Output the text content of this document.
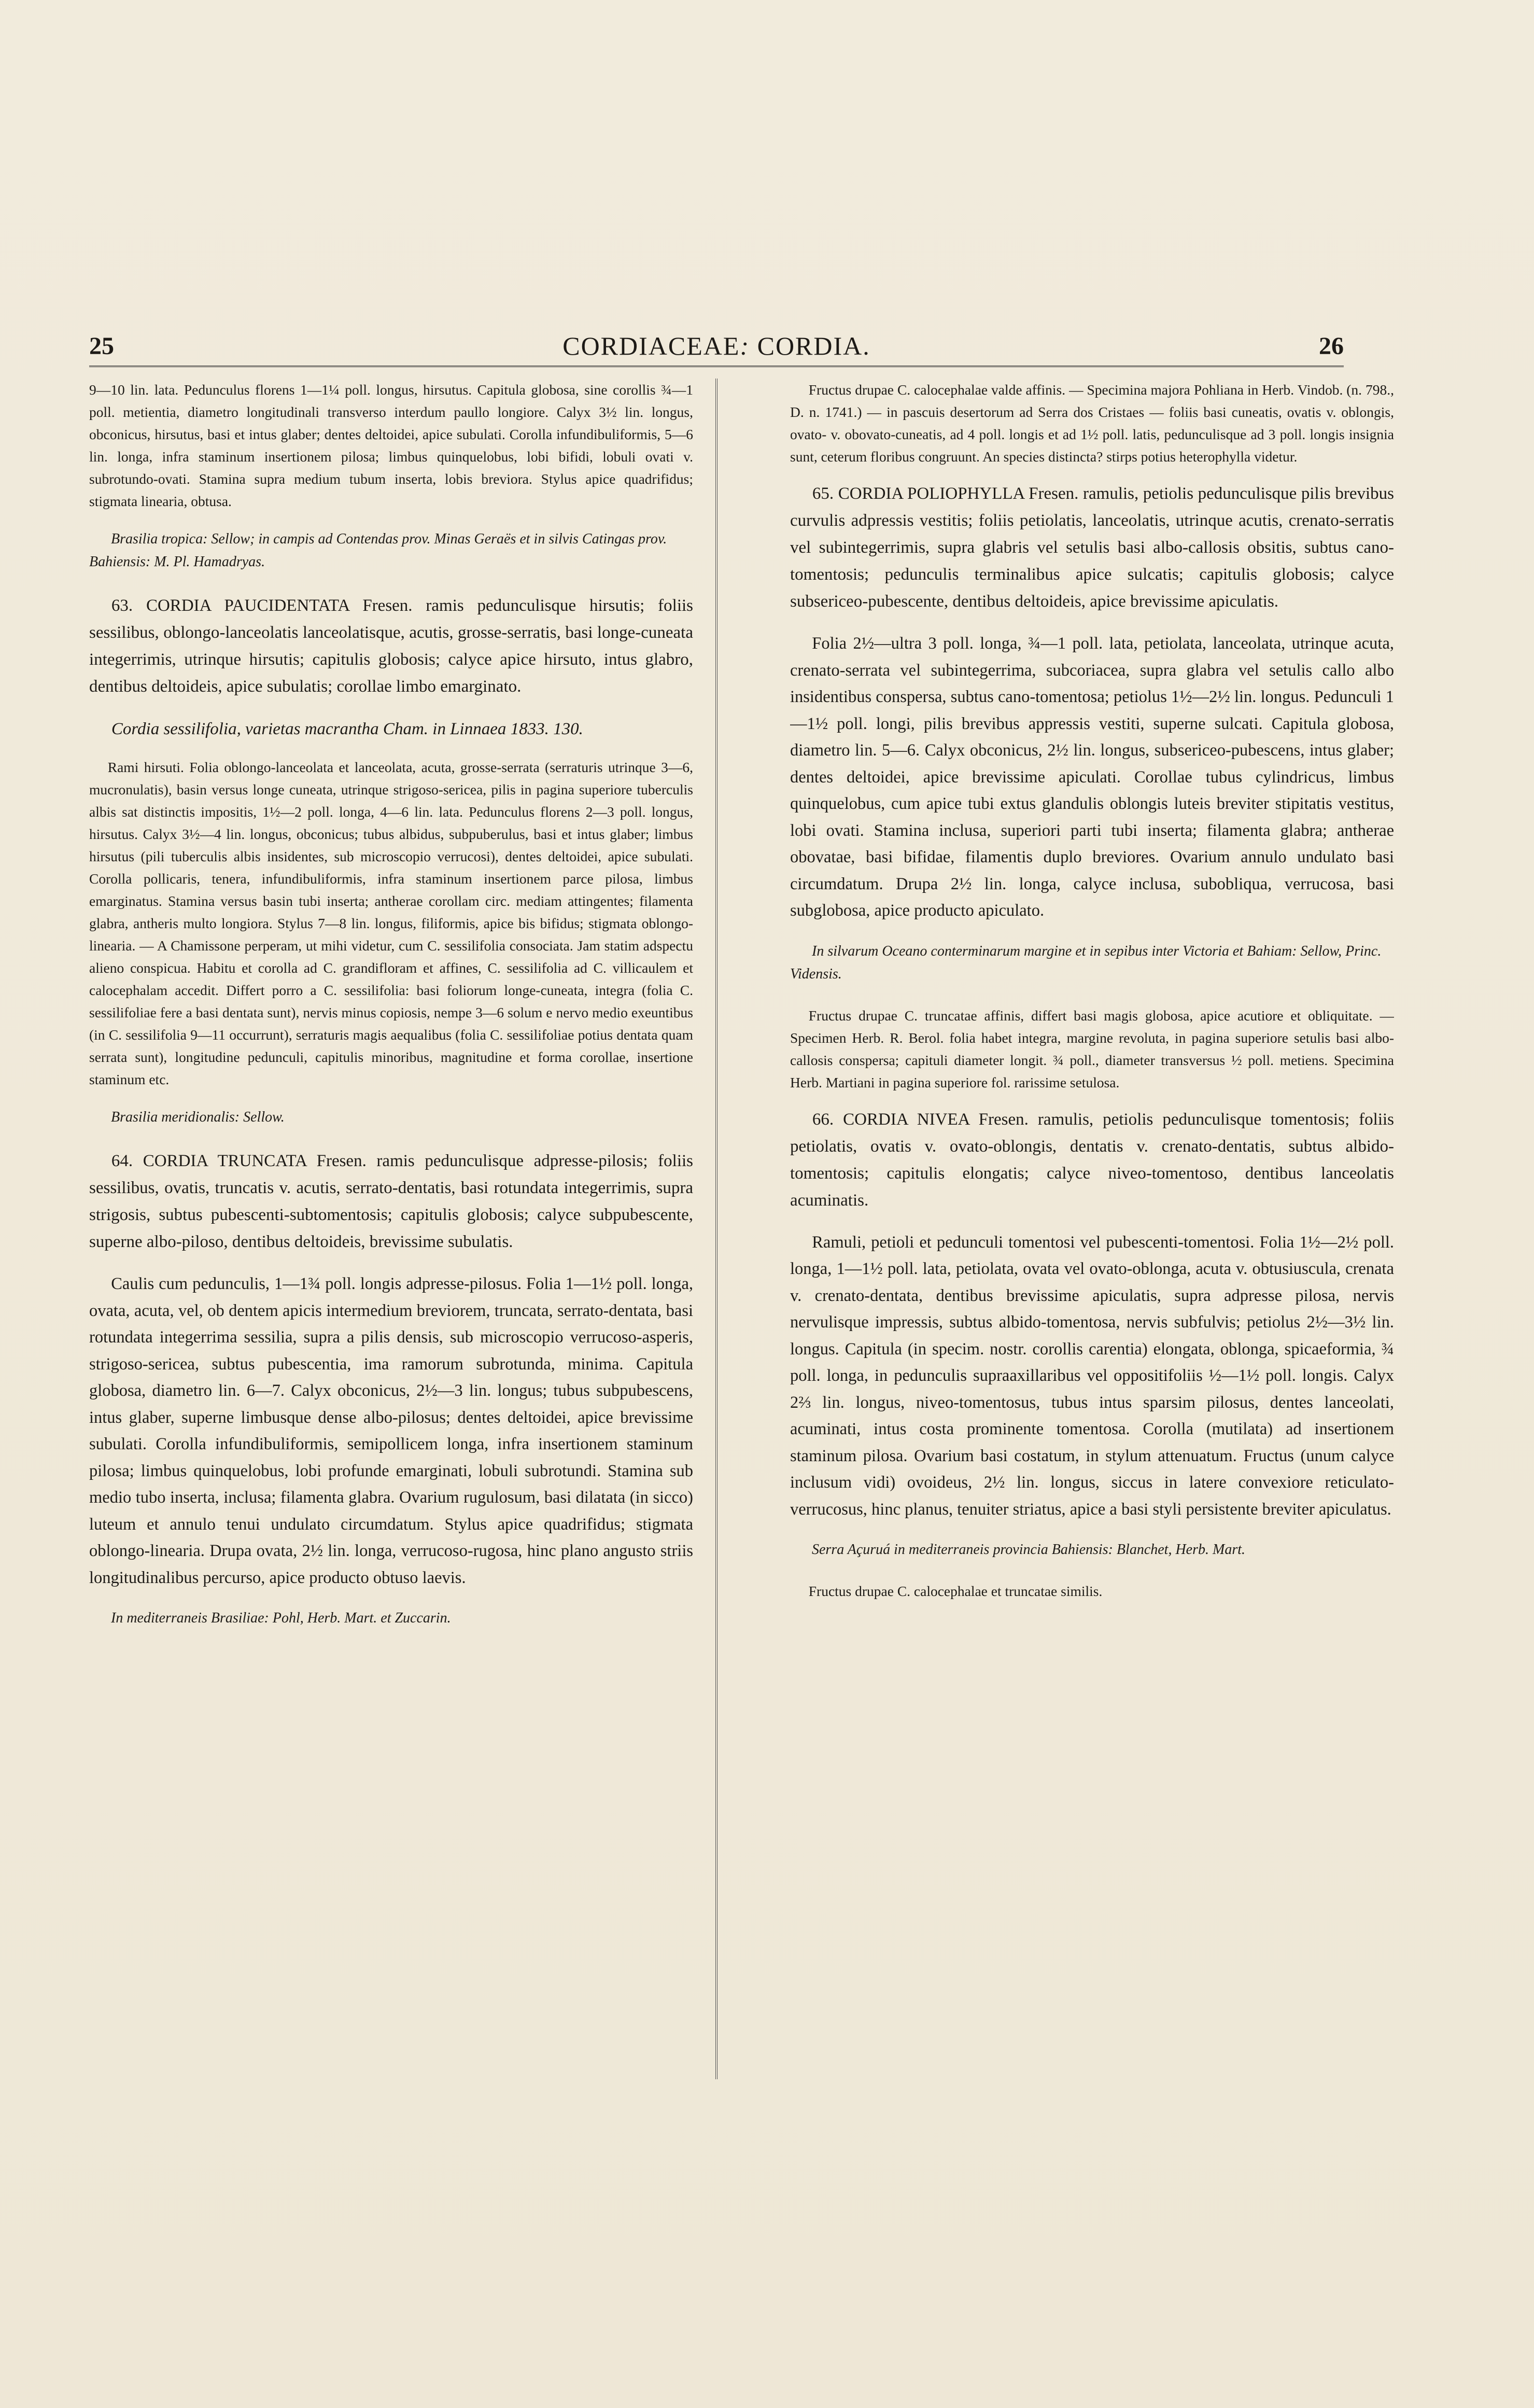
25	CORDIACEAE: CORDIA.	26

9—10 lin. lata. Pedunculus florens 1—1¼ poll. longus, hirsutus. Capitula globosa, sine corollis ¾—1 poll. metientia, diametro longitudinali transverso interdum paullo longiore. Calyx 3½ lin. longus, obconicus, hirsutus, basi et intus glaber; dentes deltoidei, apice subulati. Corolla infundibuliformis, 5—6 lin. longa, infra staminum insertionem pilosa; limbus quinquelobus, lobi bifidi, lobuli ovati v. subrotundo-ovati. Stamina supra medium tubum inserta, lobis breviora. Stylus apice quadrifidus; stigmata linearia, obtusa.

Brasilia tropica: Sellow; in campis ad Contendas prov. Minas Geraës et in silvis Catingas prov. Bahiensis: M. Pl. Hamadryas.

63. CORDIA PAUCIDENTATA Fresen. ramis pedunculisque hirsutis; foliis sessilibus, oblongo-lanceolatis lanceolatisque, acutis, grosse-serratis, basi longe-cuneata integerrimis, utrinque hirsutis; capitulis globosis; calyce apice hirsuto, intus glabro, dentibus deltoideis, apice subulatis; corollae limbo emarginato.

Cordia sessilifolia, varietas macrantha Cham. in Linnaea 1833. 130.

Rami hirsuti. Folia oblongo-lanceolata et lanceolata, acuta, grosse-serrata (serraturis utrinque 3—6, mucronulatis), basin versus longe cuneata, utrinque strigoso-sericea, pilis in pagina superiore tuberculis albis sat distinctis impositis, 1½—2 poll. longa, 4—6 lin. lata. Pedunculus florens 2—3 poll. longus, hirsutus. Calyx 3½—4 lin. longus, obconicus; tubus albidus, subpuberulus, basi et intus glaber; limbus hirsutus (pili tuberculis albis insidentes, sub microscopio verrucosi), dentes deltoidei, apice subulati. Corolla pollicaris, tenera, infundibuliformis, infra staminum insertionem parce pilosa, limbus emarginatus. Stamina versus basin tubi inserta; antherae corollam circ. mediam attingentes; filamenta glabra, antheris multo longiora. Stylus 7—8 lin. longus, filiformis, apice bis bifidus; stigmata oblongo-linearia. — A Chamissone perperam, ut mihi videtur, cum C. sessilifolia consociata. Jam statim adspectu alieno conspicua. Habitu et corolla ad C. grandifloram et affines, C. sessilifolia ad C. villicaulem et calocephalam accedit. Differt porro a C. sessilifolia: basi foliorum longe-cuneata, integra (folia C. sessilifoliae fere a basi dentata sunt), nervis minus copiosis, nempe 3—6 solum e nervo medio exeuntibus (in C. sessilifolia 9—11 occurrunt), serraturis magis aequalibus (folia C. sessilifoliae potius dentata quam serrata sunt), longitudine pedunculi, capitulis minoribus, magnitudine et forma corollae, insertione staminum etc.

Brasilia meridionalis: Sellow.

64. CORDIA TRUNCATA Fresen. ramis pedunculisque adpresse-pilosis; foliis sessilibus, ovatis, truncatis v. acutis, serrato-dentatis, basi rotundata integerrimis, supra strigosis, subtus pubescenti-subtomentosis; capitulis globosis; calyce subpubescente, superne albo-piloso, dentibus deltoideis, brevissime subulatis.

Caulis cum pedunculis, 1—1¾ poll. longis adpresse-pilosus. Folia 1—1½ poll. longa, ovata, acuta, vel, ob dentem apicis intermedium breviorem, truncata, serrato-dentata, basi rotundata integerrima sessilia, supra a pilis densis, sub microscopio verrucoso-asperis, strigoso-sericea, subtus pubescentia, ima ramorum subrotunda, minima. Capitula globosa, diametro lin. 6—7. Calyx obconicus, 2½—3 lin. longus; tubus subpubescens, intus glaber, superne limbusque dense albo-pilosus; dentes deltoidei, apice brevissime subulati. Corolla infundibuliformis, semipollicem longa, infra insertionem staminum pilosa; limbus quinquelobus, lobi profunde emarginati, lobuli subrotundi. Stamina sub medio tubo inserta, inclusa; filamenta glabra. Ovarium rugulosum, basi dilatata (in sicco) luteum et annulo tenui undulato circumdatum. Stylus apice quadrifidus; stigmata oblongo-linearia. Drupa ovata, 2½ lin. longa, verrucoso-rugosa, hinc plano angusto striis longitudinalibus percurso, apice producto obtuso laevis.

In mediterraneis Brasiliae: Pohl, Herb. Mart. et Zuccarin.

Fructus drupae C. calocephalae valde affinis. — Specimina majora Pohliana in Herb. Vindob. (n. 798., D. n. 1741.) — in pascuis desertorum ad Serra dos Cristaes — foliis basi cuneatis, ovatis v. oblongis, ovato- v. obovato-cuneatis, ad 4 poll. longis et ad 1½ poll. latis, pedunculisque ad 3 poll. longis insignia sunt, ceterum floribus congruunt. An species distincta? stirps potius heterophylla videtur.

65. CORDIA POLIOPHYLLA Fresen. ramulis, petiolis pedunculisque pilis brevibus curvulis adpressis vestitis; foliis petiolatis, lanceolatis, utrinque acutis, crenato-serratis vel subintegerrimis, supra glabris vel setulis basi albo-callosis obsitis, subtus cano-tomentosis; pedunculis terminalibus apice sulcatis; capitulis globosis; calyce subsericeo-pubescente, dentibus deltoideis, apice brevissime apiculatis.

Folia 2½—ultra 3 poll. longa, ¾—1 poll. lata, petiolata, lanceolata, utrinque acuta, crenato-serrata vel subintegerrima, subcoriacea, supra glabra vel setulis callo albo insidentibus conspersa, subtus cano-tomentosa; petiolus 1½—2½ lin. longus. Pedunculi 1—1½ poll. longi, pilis brevibus appressis vestiti, superne sulcati. Capitula globosa, diametro lin. 5—6. Calyx obconicus, 2½ lin. longus, subsericeo-pubescens, intus glaber; dentes deltoidei, apice brevissime apiculati. Corollae tubus cylindricus, limbus quinquelobus, cum apice tubi extus glandulis oblongis luteis breviter stipitatis vestitus, lobi ovati. Stamina inclusa, superiori parti tubi inserta; filamenta glabra; antherae obovatae, basi bifidae, filamentis duplo breviores. Ovarium annulo undulato basi circumdatum. Drupa 2½ lin. longa, calyce inclusa, subobliqua, verrucosa, basi subglobosa, apice producto apiculato.

In silvarum Oceano conterminarum margine et in sepibus inter Victoria et Bahiam: Sellow, Princ. Vidensis.

Fructus drupae C. truncatae affinis, differt basi magis globosa, apice acutiore et obliquitate. — Specimen Herb. R. Berol. folia habet integra, margine revoluta, in pagina superiore setulis basi albo-callosis conspersa; capituli diameter longit. ¾ poll., diameter transversus ½ poll. metiens. Specimina Herb. Martiani in pagina superiore fol. rarissime setulosa.

66. CORDIA NIVEA Fresen. ramulis, petiolis pedunculisque tomentosis; foliis petiolatis, ovatis v. ovato-oblongis, dentatis v. crenato-dentatis, subtus albido-tomentosis; capitulis elongatis; calyce niveo-tomentoso, dentibus lanceolatis acuminatis.

Ramuli, petioli et pedunculi tomentosi vel pubescenti-tomentosi. Folia 1½—2½ poll. longa, 1—1½ poll. lata, petiolata, ovata vel ovato-oblonga, acuta v. obtusiuscula, crenata v. crenato-dentata, dentibus brevissime apiculatis, supra adpresse pilosa, nervis nervulisque impressis, subtus albido-tomentosa, nervis subfulvis; petiolus 2½—3½ lin. longus. Capitula (in specim. nostr. corollis carentia) elongata, oblonga, spicaeformia, ¾ poll. longa, in pedunculis supraaxillaribus vel oppositifoliis ½—1½ poll. longis. Calyx 2⅔ lin. longus, niveo-tomentosus, tubus intus sparsim pilosus, dentes lanceolati, acuminati, intus costa prominente tomentosa. Corolla (mutilata) ad insertionem staminum pilosa. Ovarium basi costatum, in stylum attenuatum. Fructus (unum calyce inclusum vidi) ovoideus, 2½ lin. longus, siccus in latere convexiore reticulato-verrucosus, hinc planus, tenuiter striatus, apice a basi styli persistente breviter apiculatus.

Serra Açuruá in mediterraneis provincia Bahiensis: Blanchet, Herb. Mart.

Fructus drupae C. calocephalae et truncatae similis.
